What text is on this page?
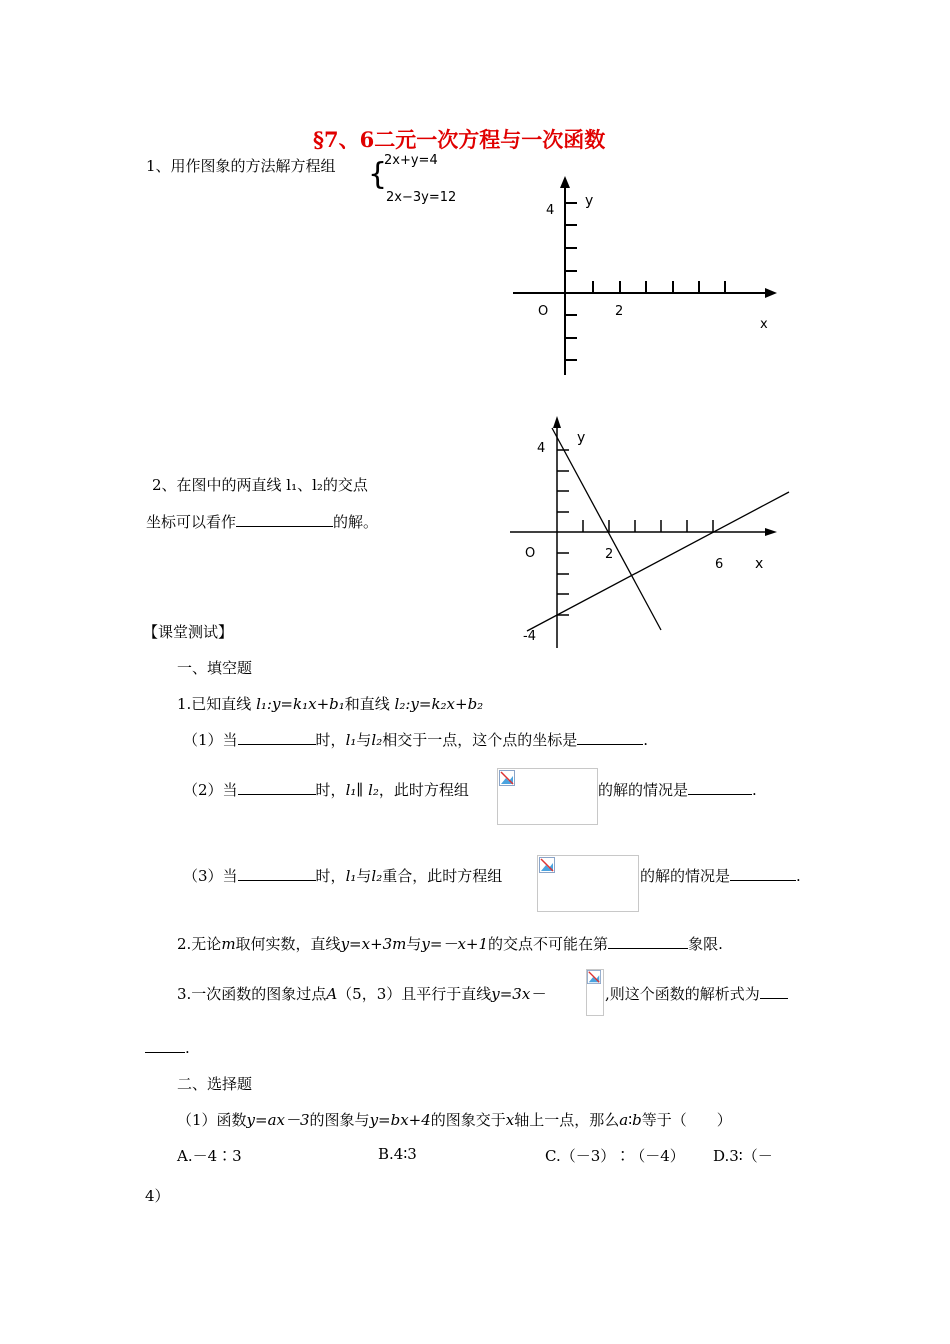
§7、6二元一次方程与一次函数
1、用作图象的方法解方程组 {
2x+y=4
2x−3y=12	y
4
O	2
x
2、在图中的两直线 l₁、l₂的交点
坐标可以看作	的解。
y
4
O	2
6 x
-4
【课堂测试】
一、填空题
1.已知直线 l₁:y=k₁x+b₁和直线 l₂:y=k₂x+b₂
（1）当	时，l₁与l₂相交于一点，这个点的坐标是	.
（2）当	时，l₁∥ l₂，此时方程组	的解的情况是	.
（3）当	时，l₁与l₂重合，此时方程组	的解的情况是	.
2.无论m取何实数，直线y=x+3m与y=－x+1的交点不可能在第	象限.
3.一次函数的图象过点A（5，3）且平行于直线y=3x－	,则这个函数的解析式为
.
二、选择题
（1）函数y=ax－3的图象与y=bx+4的图象交于x轴上一点，那么a∶b等于（　　）
A.－4∶3	B.4∶3	C.（－3）∶（－4） D.3∶（－
4）
